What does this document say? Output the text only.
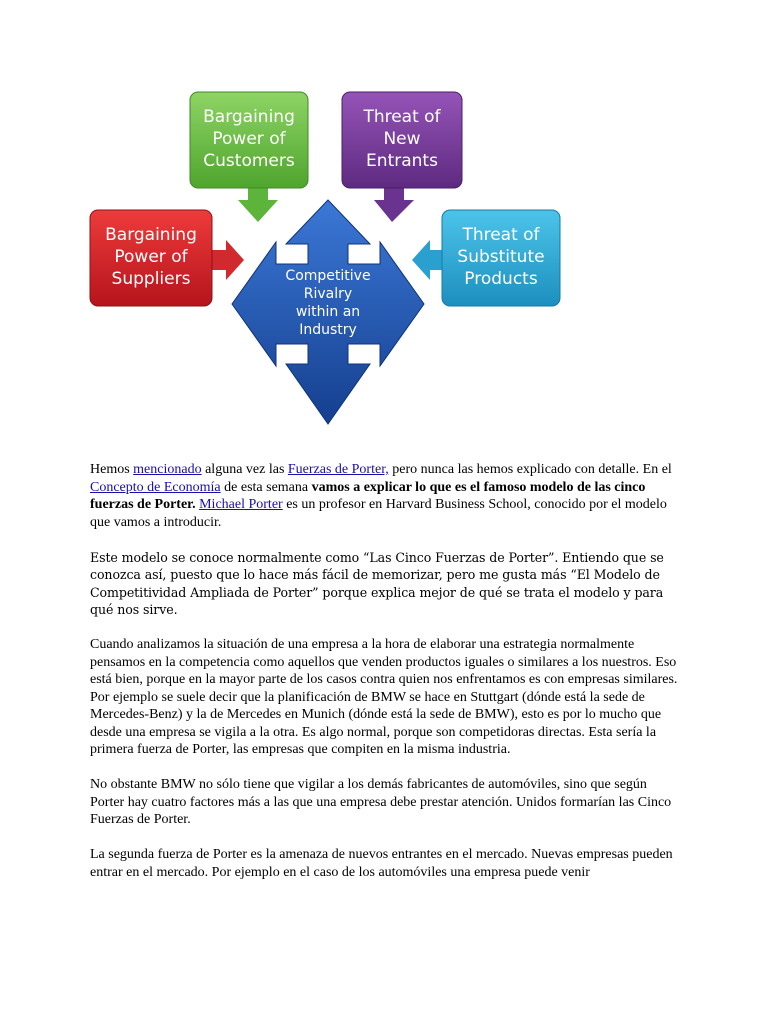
Competitive
Rivalry
within an
Industry
Bargaining
Power of
Customers
Threat of
New
Entrants
Bargaining
Power of
Suppliers
Threat of
Substitute
Products

Hemos mencionado alguna vez las Fuerzas de Porter, pero nunca las hemos explicado con detalle. En el Concepto de Economía de esta semana vamos a explicar lo que es el famoso modelo de las cinco fuerzas de Porter. Michael Porter es un profesor en Harvard Business School, conocido por el modelo que vamos a introducir.

Este modelo se conoce normalmente como “Las Cinco Fuerzas de Porter”. Entiendo que se conozca así, puesto que lo hace más fácil de memorizar, pero me gusta más “El Modelo de Competitividad Ampliada de Porter” porque explica mejor de qué se trata el modelo y para qué nos sirve.

Cuando analizamos la situación de una empresa a la hora de elaborar una estrategia normalmente pensamos en la competencia como aquellos que venden productos iguales o similares a los nuestros. Eso está bien, porque en la mayor parte de los casos contra quien nos enfrentamos es con empresas similares. Por ejemplo se suele decir que la planificación de BMW se hace en Stuttgart (dónde está la sede de Mercedes-Benz) y la de Mercedes en Munich (dónde está la sede de BMW), esto es por lo mucho que desde una empresa se vigila a la otra. Es algo normal, porque son competidoras directas. Esta sería la primera fuerza de Porter, las empresas que compiten en la misma industria.

No obstante BMW no sólo tiene que vigilar a los demás fabricantes de automóviles, sino que según Porter hay cuatro factores más a las que una empresa debe prestar atención. Unidos formarían las Cinco Fuerzas de Porter.

La segunda fuerza de Porter es la amenaza de nuevos entrantes en el mercado. Nuevas empresas pueden entrar en el mercado. Por ejemplo en el caso de los automóviles una empresa puede venir
